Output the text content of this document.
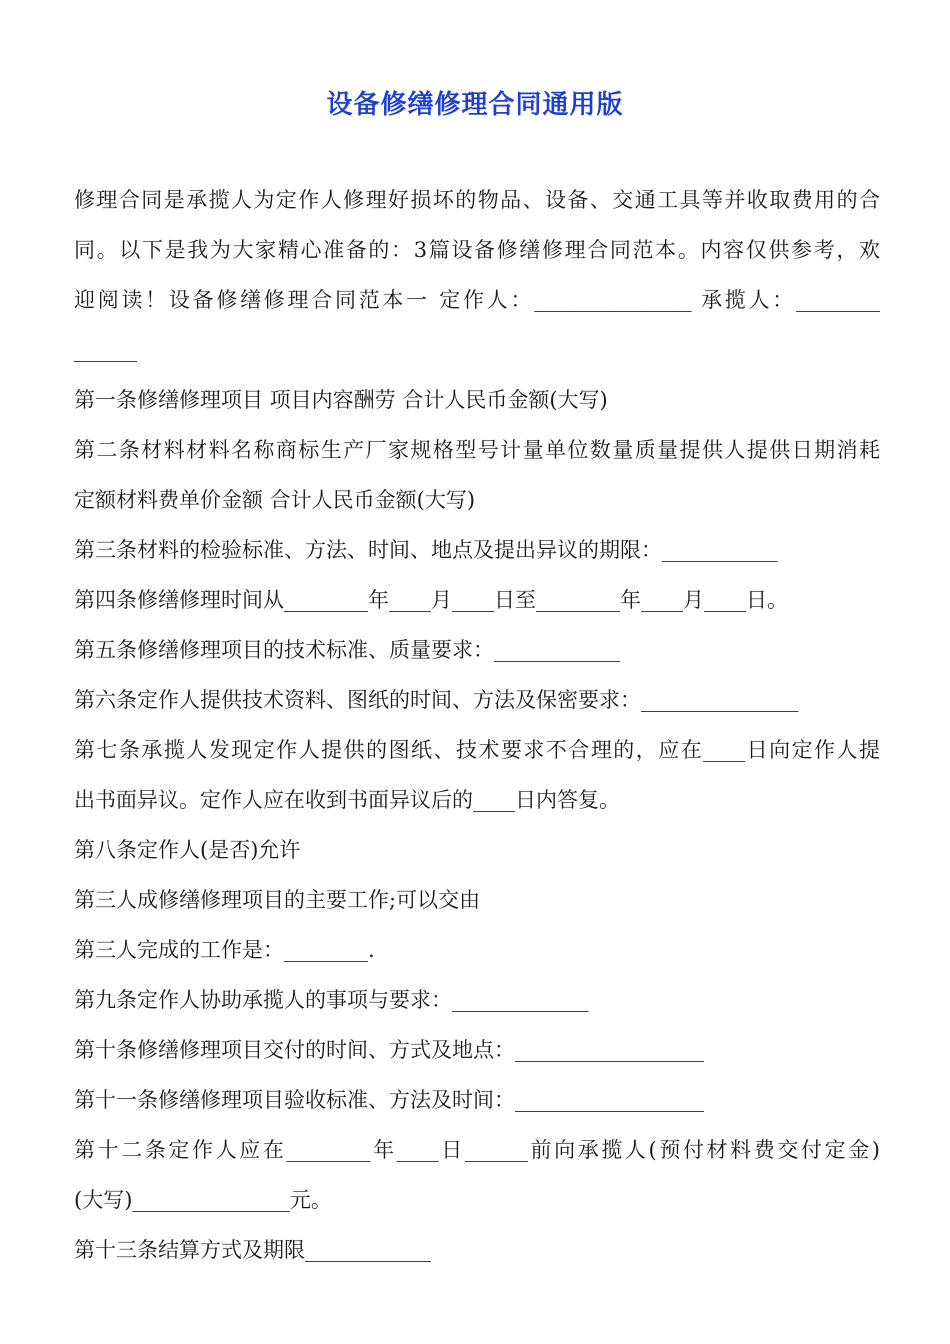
设备修缮修理合同通用版
修理合同是承揽人为定作人修理好损坏的物品、设备、交通工具等并收取费用的合
同。以下是我为大家精心准备的：3篇设备修缮修理合同范本。内容仅供参考，欢
迎阅读！设备修缮修理合同范本一 定作人：_______________ 承揽人：________
______
第一条修缮修理项目 项目内容酬劳 合计人民币金额(大写)
第二条材料材料名称商标生产厂家规格型号计量单位数量质量提供人提供日期消耗
定额材料费单价金额 合计人民币金额(大写)
第三条材料的检验标准、方法、时间、地点及提出异议的期限：___________
第四条修缮修理时间从________年____月____日至________年____月____日。
第五条修缮修理项目的技术标准、质量要求：____________
第六条定作人提供技术资料、图纸的时间、方法及保密要求：_______________
第七条承揽人发现定作人提供的图纸、技术要求不合理的，应在____日向定作人提
出书面异议。定作人应在收到书面异议后的____日内答复。
第八条定作人(是否)允许
第三人成修缮修理项目的主要工作;可以交由
第三人完成的工作是：________.
第九条定作人协助承揽人的事项与要求：_____________
第十条修缮修理项目交付的时间、方式及地点：__________________
第十一条修缮修理项目验收标准、方法及时间：__________________
第十二条定作人应在________年____日______前向承揽人(预付材料费交付定金)
(大写)_______________元。
第十三条结算方式及期限____________
